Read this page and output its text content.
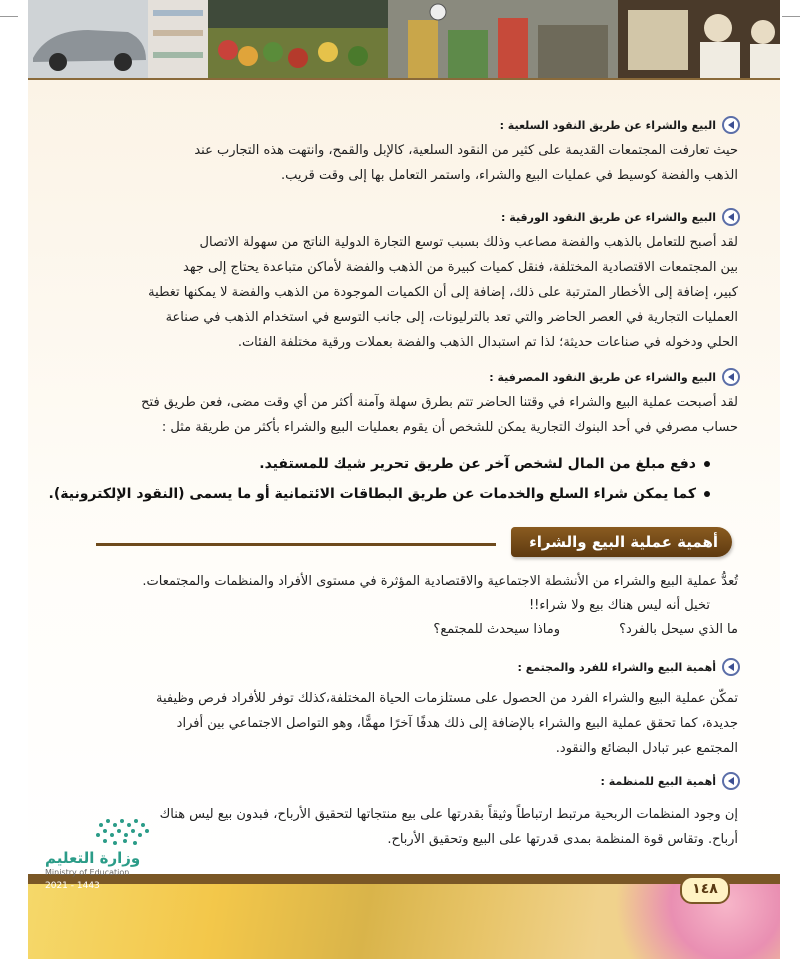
البيع والشراء عن طريق النقود السلعية :
حيث تعارفت المجتمعات القديمة على كثير من النقود السلعية، كالإبل والقمح، وانتهت هذه التجارب عند
الذهب والفضة كوسيط في عمليات البيع والشراء، واستمر التعامل بها إلى وقت قريب.
البيع والشراء عن طريق النقود الورقية :
لقد أصبح للتعامل بالذهب والفضة مصاعب وذلك بسبب توسع التجارة الدولية الناتج من سهولة الاتصال
بين المجتمعات الاقتصادية المختلفة، فنقل كميات كبيرة من الذهب والفضة لأماكن متباعدة يحتاج إلى جهد
كبير، إضافة إلى الأخطار المترتبة على ذلك، إضافة إلى أن الكميات الموجودة من الذهب والفضة لا يمكنها تغطية
العمليات التجارية في العصر الحاضر والتي تعد بالترليونات، إلى جانب التوسع في استخدام الذهب في صناعة
الحلي ودخوله في صناعات حديثة؛ لذا تم استبدال الذهب والفضة بعملات ورقية مختلفة الفئات.
البيع والشراء عن طريق النقود المصرفية :
لقد أصبحت عملية البيع والشراء في وقتنا الحاضر تتم بطرق سهلة وآمنة أكثر من أي وقت مضى، فعن طريق فتح
حساب مصرفي في أحد البنوك التجارية يمكن للشخص أن يقوم بعمليات البيع والشراء بأكثر من طريقة مثل :
دفع مبلغ من المال لشخص آخر عن طريق تحرير شيك للمستفيد.
كما يمكن شراء السلع والخدمات عن طريق البطاقات الائتمانية أو ما يسمى (النقود الإلكترونية).
أهمية عملية البيع والشراء
تُعدُّ عملية البيع والشراء من الأنشطة الاجتماعية والاقتصادية المؤثرة في مستوى الأفراد والمنظمات والمجتمعات.
تخيل أنه ليس هناك بيع ولا شراء!!
ما الذي سيحل بالفرد؟
وماذا سيحدث للمجتمع؟
أهمية البيع والشراء للفرد والمجتمع :
تمكّن عملية البيع والشراء الفرد من الحصول على مستلزمات الحياة المختلفة،كذلك توفر للأفراد فرص وظيفية
جديدة، كما تحقق عملية البيع والشراء بالإضافة إلى ذلك هدفًا آخرًا مهمًّا، وهو التواصل الاجتماعي بين أفراد
المجتمع عبر تبادل البضائع والنقود.
أهمية البيع للمنظمة :
إن وجود المنظمات الربحية مرتبط ارتباطاً وثيقاً بقدرتها على بيع منتجاتها لتحقيق الأرباح، فبدون بيع ليس هناك
أرباح. وتقاس قوة المنظمة بمدى قدرتها على البيع وتحقيق الأرباح.
١٤٨
وزارة التعليم
Ministry of Education
2021 - 1443
